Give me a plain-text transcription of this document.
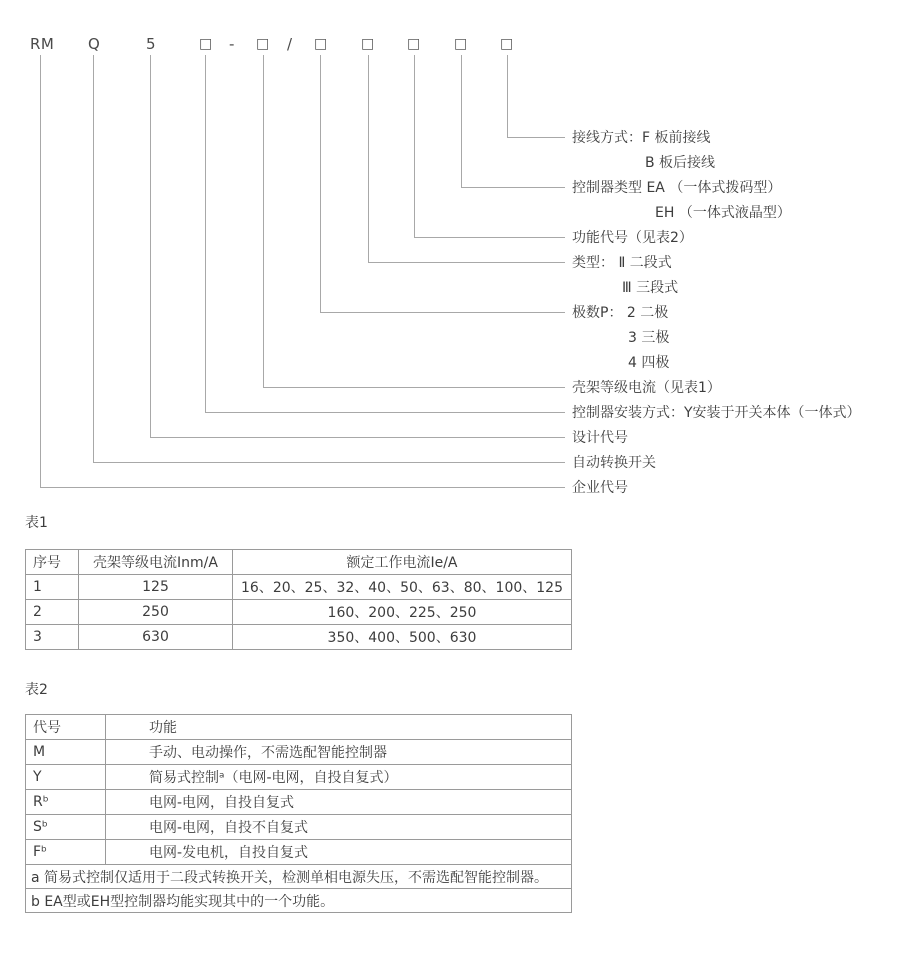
RM Q	5	□ - □ / □ □ □ □ □
接线方式：F 板前接线
B 板后接线
控制器类型 EA （一体式拨码型）
EH （一体式液晶型）
功能代号（见表2）
类型： Ⅱ 二段式
Ⅲ 三段式
极数P： 2 二极
3 三极
4 四极
壳架等级电流（见表1）
控制器安装方式：Y安装于开关本体（一体式）
设计代号
自动转换开关
企业代号
表1
序号	壳架等级电流Inm/A	额定工作电流Ie/A
1	125	16、20、25、32、40、50、63、80、100、125
2	250	160、200、225、250
3	630	350、400、500、630
表2
代号	功能
M	手动、电动操作，不需选配智能控制器
Y	简易式控制ᵃ（电网-电网，自投自复式）
Rᵇ	电网-电网，自投自复式
Sᵇ	电网-电网，自投不自复式
Fᵇ	电网-发电机，自投自复式
a 简易式控制仅适用于二段式转换开关，检测单相电源失压，不需选配智能控制器。	
b EA型或EH型控制器均能实现其中的一个功能。	
